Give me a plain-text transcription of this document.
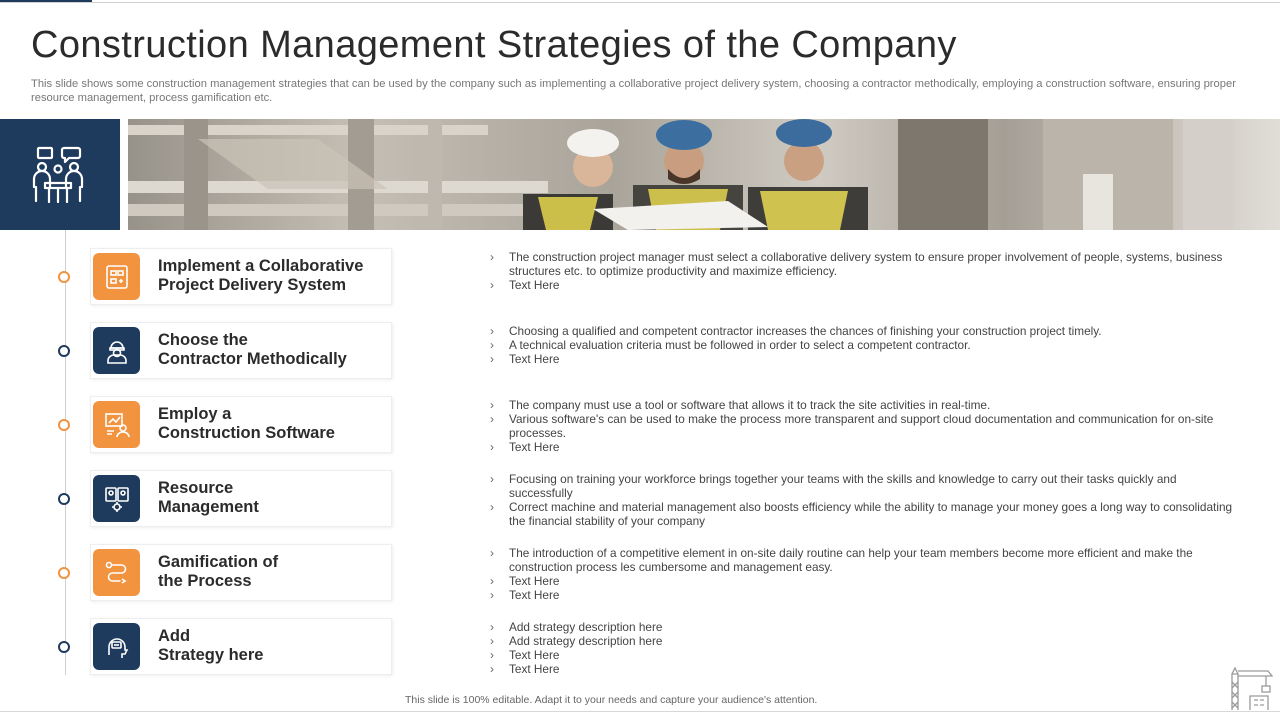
Construction Management Strategies of the Company
This slide shows some construction management strategies that can be used by the company such as implementing a collaborative project delivery system, choosing a contractor methodically, employing a construction software, ensuring proper resource management, process gamification etc.
Implement a Collaborative
Project Delivery System
› The construction project manager must select a collaborative delivery system to ensure proper involvement of people, systems, business structures etc. to optimize productivity and maximize efficiency.
› Text Here
Choose the
Contractor Methodically
› Choosing a qualified and competent contractor increases the chances of finishing your construction project timely.
› A technical evaluation criteria must be followed in order to select a competent contractor.
› Text Here
Employ a
Construction Software
› The company must use a tool or software that allows it to track the site activities in real-time.
› Various software's can be used to make the process more transparent and support cloud documentation and communication for on-site processes.
› Text Here
Resource
Management
› Focusing on training your workforce brings together your teams with the skills and knowledge to carry out their tasks quickly and successfully
› Correct machine and material management also boosts efficiency while the ability to manage your money goes a long way to consolidating the financial stability of your company
Gamification of
the Process
› The introduction of a competitive element in on-site daily routine can help your team members become more efficient and make the construction process les cumbersome and management easy.
› Text Here
› Text Here
Add
Strategy here
› Add strategy description here
› Add strategy description here
› Text Here
› Text Here
This slide is 100% editable. Adapt it to your needs and capture your audience's attention.
